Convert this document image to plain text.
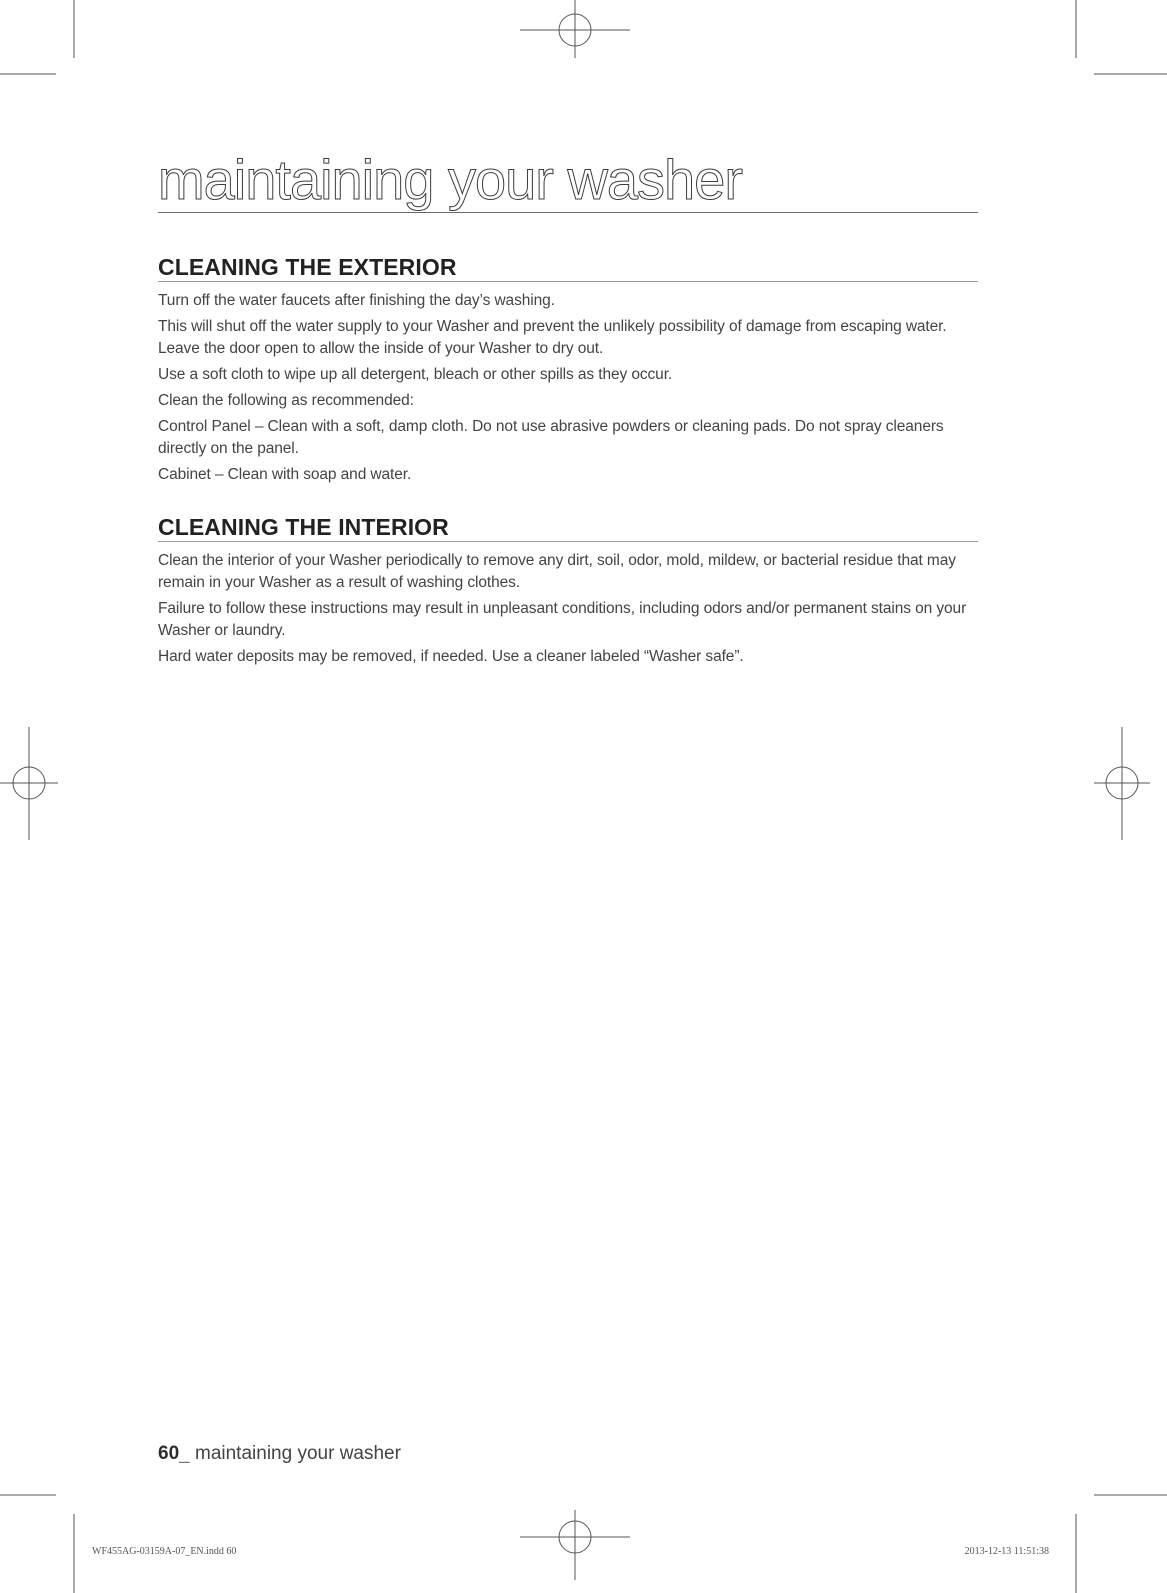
maintaining your washer
CLEANING THE EXTERIOR

Turn off the water faucets after finishing the day’s washing.

This will shut off the water supply to your Washer and prevent the unlikely possibility of damage from escaping water. Leave the door open to allow the inside of your Washer to dry out.

Use a soft cloth to wipe up all detergent, bleach or other spills as they occur.

Clean the following as recommended:

Control Panel – Clean with a soft, damp cloth. Do not use abrasive powders or cleaning pads. Do not spray cleaners directly on the panel.

Cabinet – Clean with soap and water.

CLEANING THE INTERIOR

Clean the interior of your Washer periodically to remove any dirt, soil, odor, mold, mildew, or bacterial residue that may remain in your Washer as a result of washing clothes.

Failure to follow these instructions may result in unpleasant conditions, including odors and/or permanent stains on your Washer or laundry.

Hard water deposits may be removed, if needed. Use a cleaner labeled “Washer safe”.

60_ maintaining your washer
WF455AG-03159A-07_EN.indd 60	2013-12-13 11:51:38
